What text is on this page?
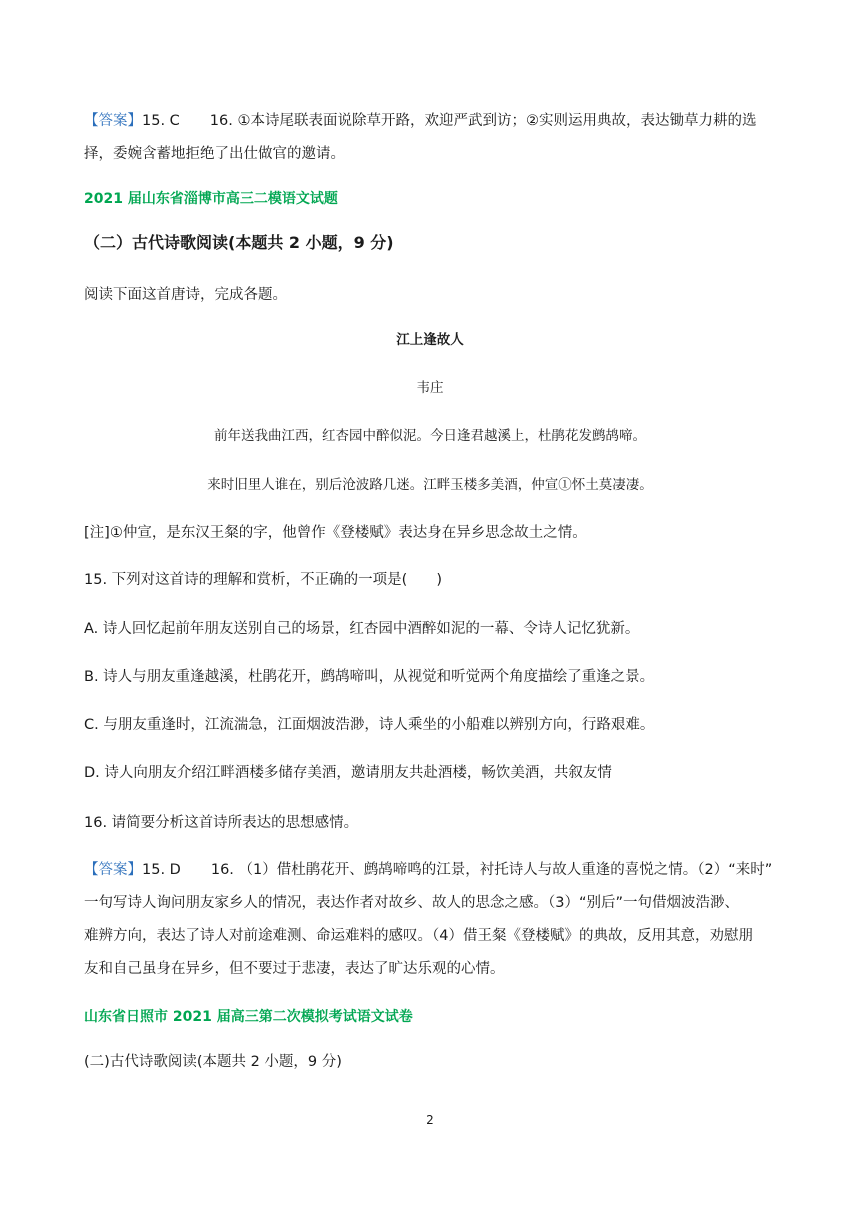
【答案】15. C 16. ①本诗尾联表面说除草开路，欢迎严武到访；②实则运用典故，表达锄草力耕的选
择，委婉含蓄地拒绝了出仕做官的邀请。
2021 届山东省淄博市高三二模语文试题
（二）古代诗歌阅读(本题共 2 小题，9 分)
阅读下面这首唐诗，完成各题。
江上逢故人
韦庄
前年送我曲江西，红杏园中醉似泥。今日逢君越溪上，杜鹃花发鹧鸪啼。
来时旧里人谁在，别后沧波路几迷。江畔玉楼多美酒，仲宣①怀土莫凄凄。
[注]①仲宣，是东汉王粲的字，他曾作《登楼赋》表达身在异乡思念故土之情。
15. 下列对这首诗的理解和赏析，不正确的一项是(　　)
A. 诗人回忆起前年朋友送别自己的场景，红杏园中酒醉如泥的一幕、令诗人记忆犹新。
B. 诗人与朋友重逢越溪，杜鹃花开，鹧鸪啼叫，从视觉和听觉两个角度描绘了重逢之景。
C. 与朋友重逢时，江流湍急，江面烟波浩渺，诗人乘坐的小船难以辨别方向，行路艰难。
D. 诗人向朋友介绍江畔酒楼多储存美酒，邀请朋友共赴酒楼，畅饮美酒，共叙友情
16. 请简要分析这首诗所表达的思想感情。
【答案】15. D 16. （1）借杜鹃花开、鹧鸪啼鸣的江景，衬托诗人与故人重逢的喜悦之情。（2）“来时”
一句写诗人询问朋友家乡人的情况，表达作者对故乡、故人的思念之感。（3）“别后”一句借烟波浩渺、
难辨方向，表达了诗人对前途难测、命运难料的感叹。（4）借王粲《登楼赋》的典故，反用其意，劝慰朋
友和自己虽身在异乡，但不要过于悲凄，表达了旷达乐观的心情。
山东省日照市 2021 届高三第二次模拟考试语文试卷
(二)古代诗歌阅读(本题共 2 小题，9 分)
2
